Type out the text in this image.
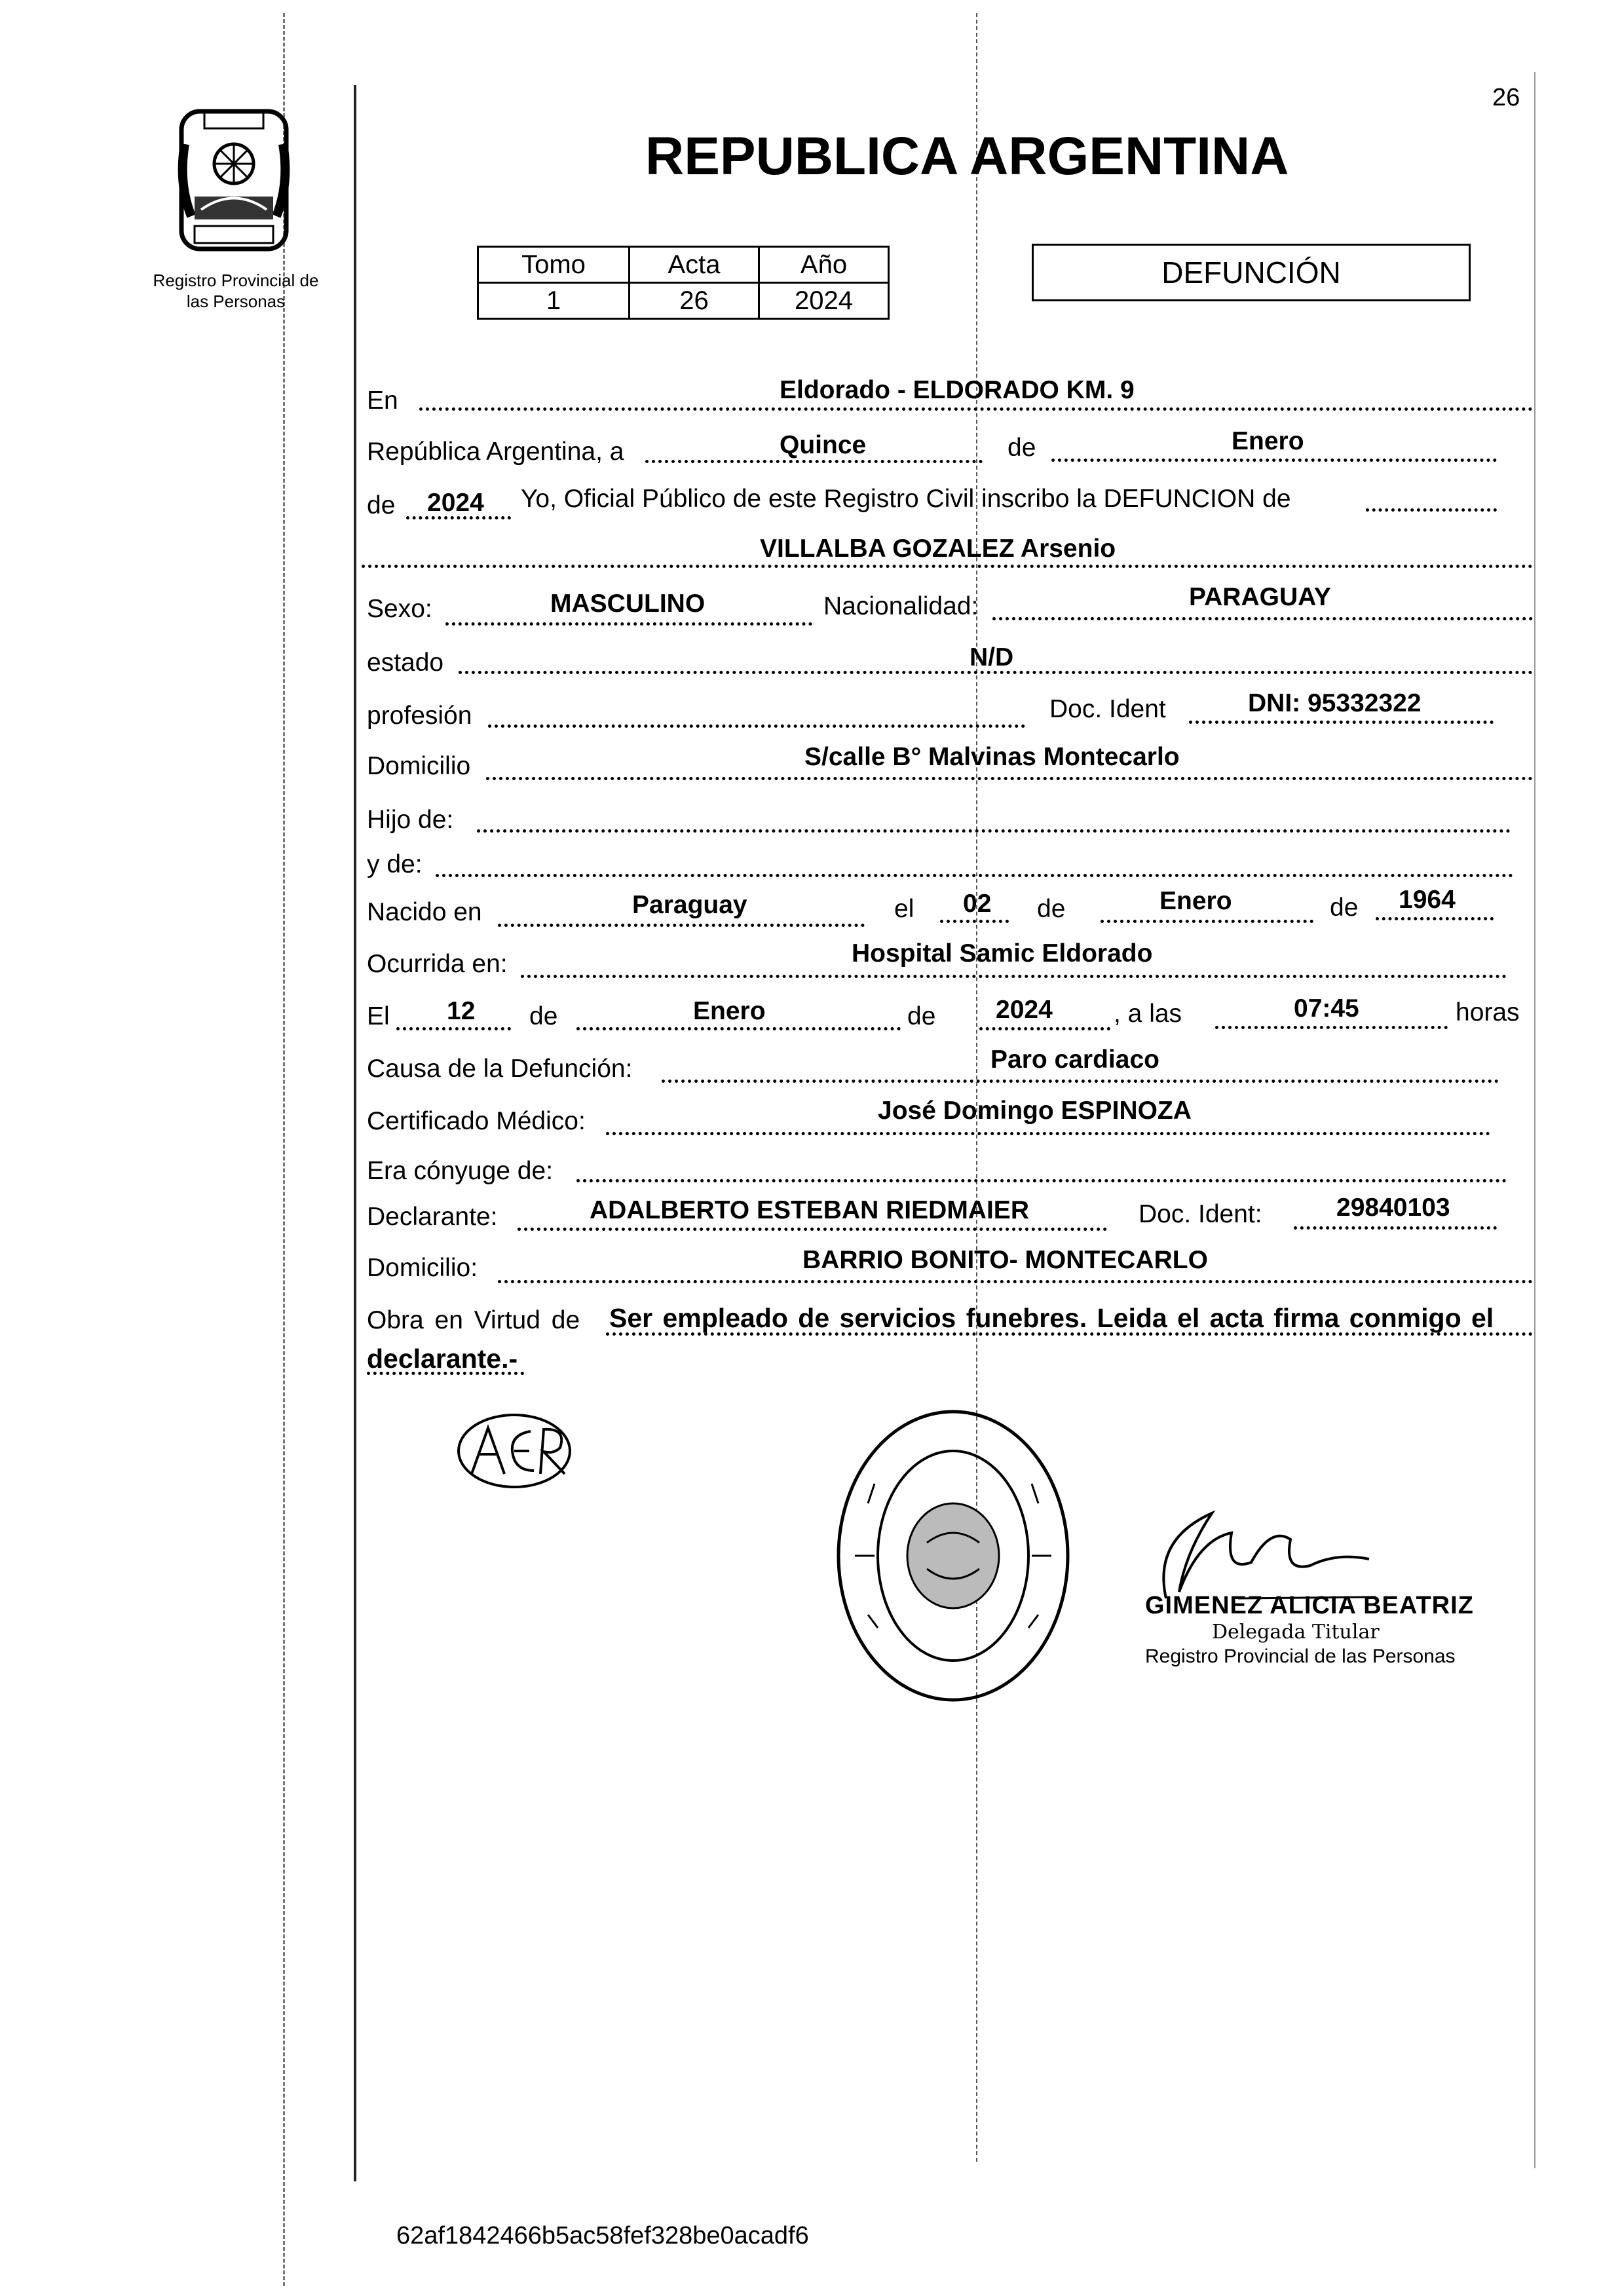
26
Registro Provincial de
las Personas
REPUBLICA ARGENTINA
Tomo	Acta	Año
1	26	2024
DEFUNCIÓN
En	Eldorado - ELDORADO KM. 9
República Argentina, a	Quince	de	Enero
de 2024 Yo, Oficial Público de este Registro Civil inscribo la DEFUNCION de
VILLALBA GOZALEZ Arsenio
Sexo:	MASCULINO	Nacionalidad:	PARAGUAY
estado	N/D
profesión	Doc. Ident	DNI: 95332322
Domicilio	S/calle B° Malvinas Montecarlo
Hijo de:
y de:
Nacido en	Paraguay	el 02 de	Enero	de 1964
Ocurrida en:	Hospital Samic Eldorado
El 12 de	Enero	de 2024 , a las	07:45	horas
Causa de la Defunción:	Paro cardiaco
Certificado Médico:	José Domingo ESPINOZA
Era cónyuge de:
Declarante:	ADALBERTO ESTEBAN RIEDMAIER	Doc. Ident:	29840103
Domicilio:	BARRIO BONITO- MONTECARLO
Obra en Virtud de Ser empleado de servicios funebres. Leida el acta firma conmigo el
declarante.-
GIMENEZ ALICIA BEATRIZ
Delegada Titular
Registro Provincial de las Personas
62af1842466b5ac58fef328be0acadf6
